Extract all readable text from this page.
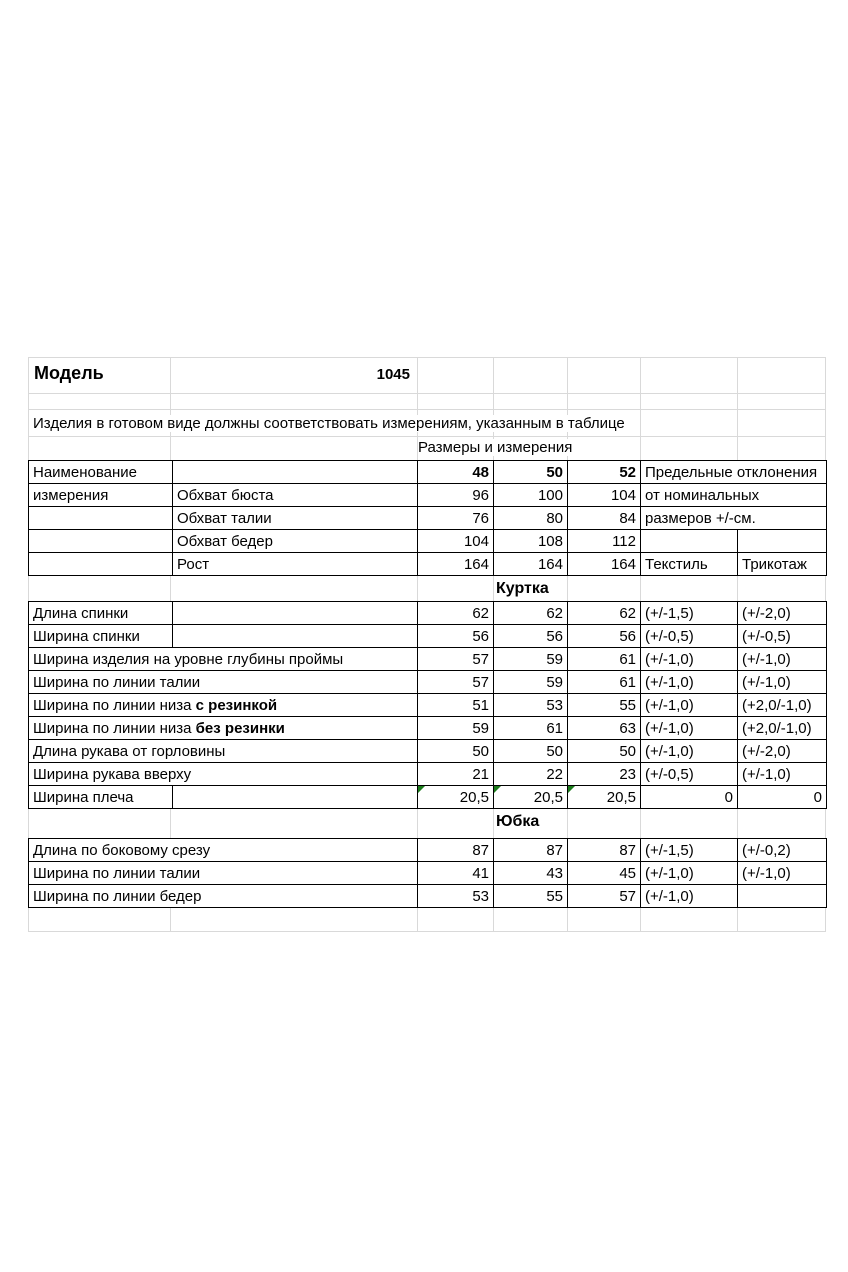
Модель	1045
Изделия в готовом виде должны соответствовать измерениям, указанным в таблице
Размеры и измерения
Наименование		48	50	52	Предельные отклонения	
измерения	Обхват бюста	96	100	104	от номинальных	
	Обхват талии	76	80	84	размеров +/-см.	
	Обхват бедер	104	108	112		
	Рост	164	164	164	Текстиль	Трикотаж
Куртка
Длина спинки		62	62	62	(+/-1,5)	(+/-2,0)
Ширина спинки		56	56	56	(+/-0,5)	(+/-0,5)
Ширина изделия на уровне глубины проймы		57	59	61	(+/-1,0)	(+/-1,0)
Ширина по линии талии		57	59	61	(+/-1,0)	(+/-1,0)
Ширина по линии низа с резинкой		51	53	55	(+/-1,0)	(+2,0/-1,0)
Ширина по линии низа без резинки		59	61	63	(+/-1,0)	(+2,0/-1,0)
Длина рукава от горловины		50	50	50	(+/-1,0)	(+/-2,0)
Ширина рукава вверху		21	22	23	(+/-0,5)	(+/-1,0)
Ширина плеча		20,5	20,5	20,5	0	0
Юбка
Длина по боковому срезу	87	87	87	(+/-1,5)	(+/-0,2)
Ширина по линии талии	41	43	45	(+/-1,0)	(+/-1,0)
Ширина по линии бедер	53	55	57	(+/-1,0)	
